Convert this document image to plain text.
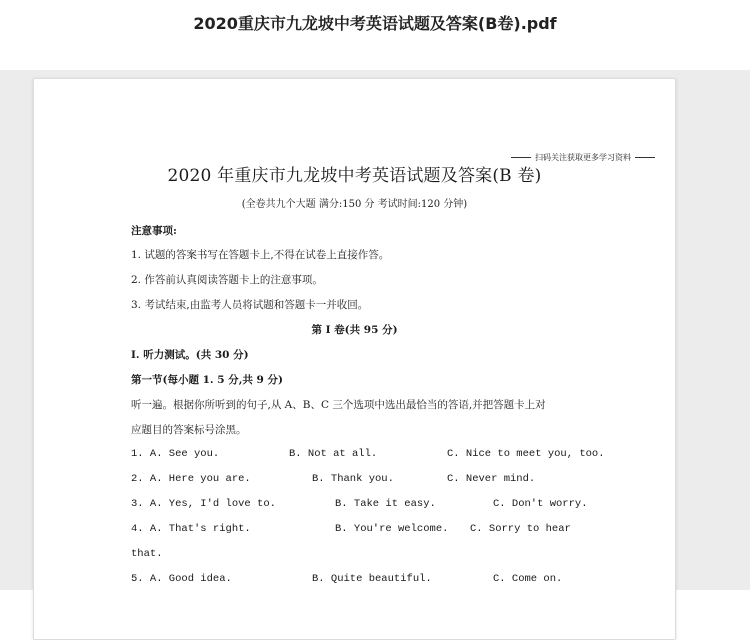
2020重庆市九龙坡中考英语试题及答案(B卷).pdf
扫码关注获取更多学习资料
2020 年重庆市九龙坡中考英语试题及答案(B 卷)
(全卷共九个大题 满分:150 分 考试时间:120 分钟)
注意事项:
1. 试题的答案书写在答题卡上,不得在试卷上直接作答。
2. 作答前认真阅读答题卡上的注意事项。
3. 考试结束,由监考人员将试题和答题卡一并收回。
第 I 卷(共 95 分)
I. 听力测试。(共 30 分)
第一节(每小题 1. 5 分,共 9 分)
听一遍。根据你所听到的句子,从 A、B、C 三个选项中选出最恰当的答语,并把答题卡上对
应题目的答案标号涂黑。
1. A. See you.	B. Not at all.	C. Nice to meet you, too.
2. A. Here you are.	B. Thank you.	C. Never mind.
3. A. Yes, I'd love to.	B. Take it easy.	C. Don't worry.
4. A. That's right.	B. You're welcome. C. Sorry to hear
that.
5. A. Good idea.	B. Quite beautiful.	C. Come on.
